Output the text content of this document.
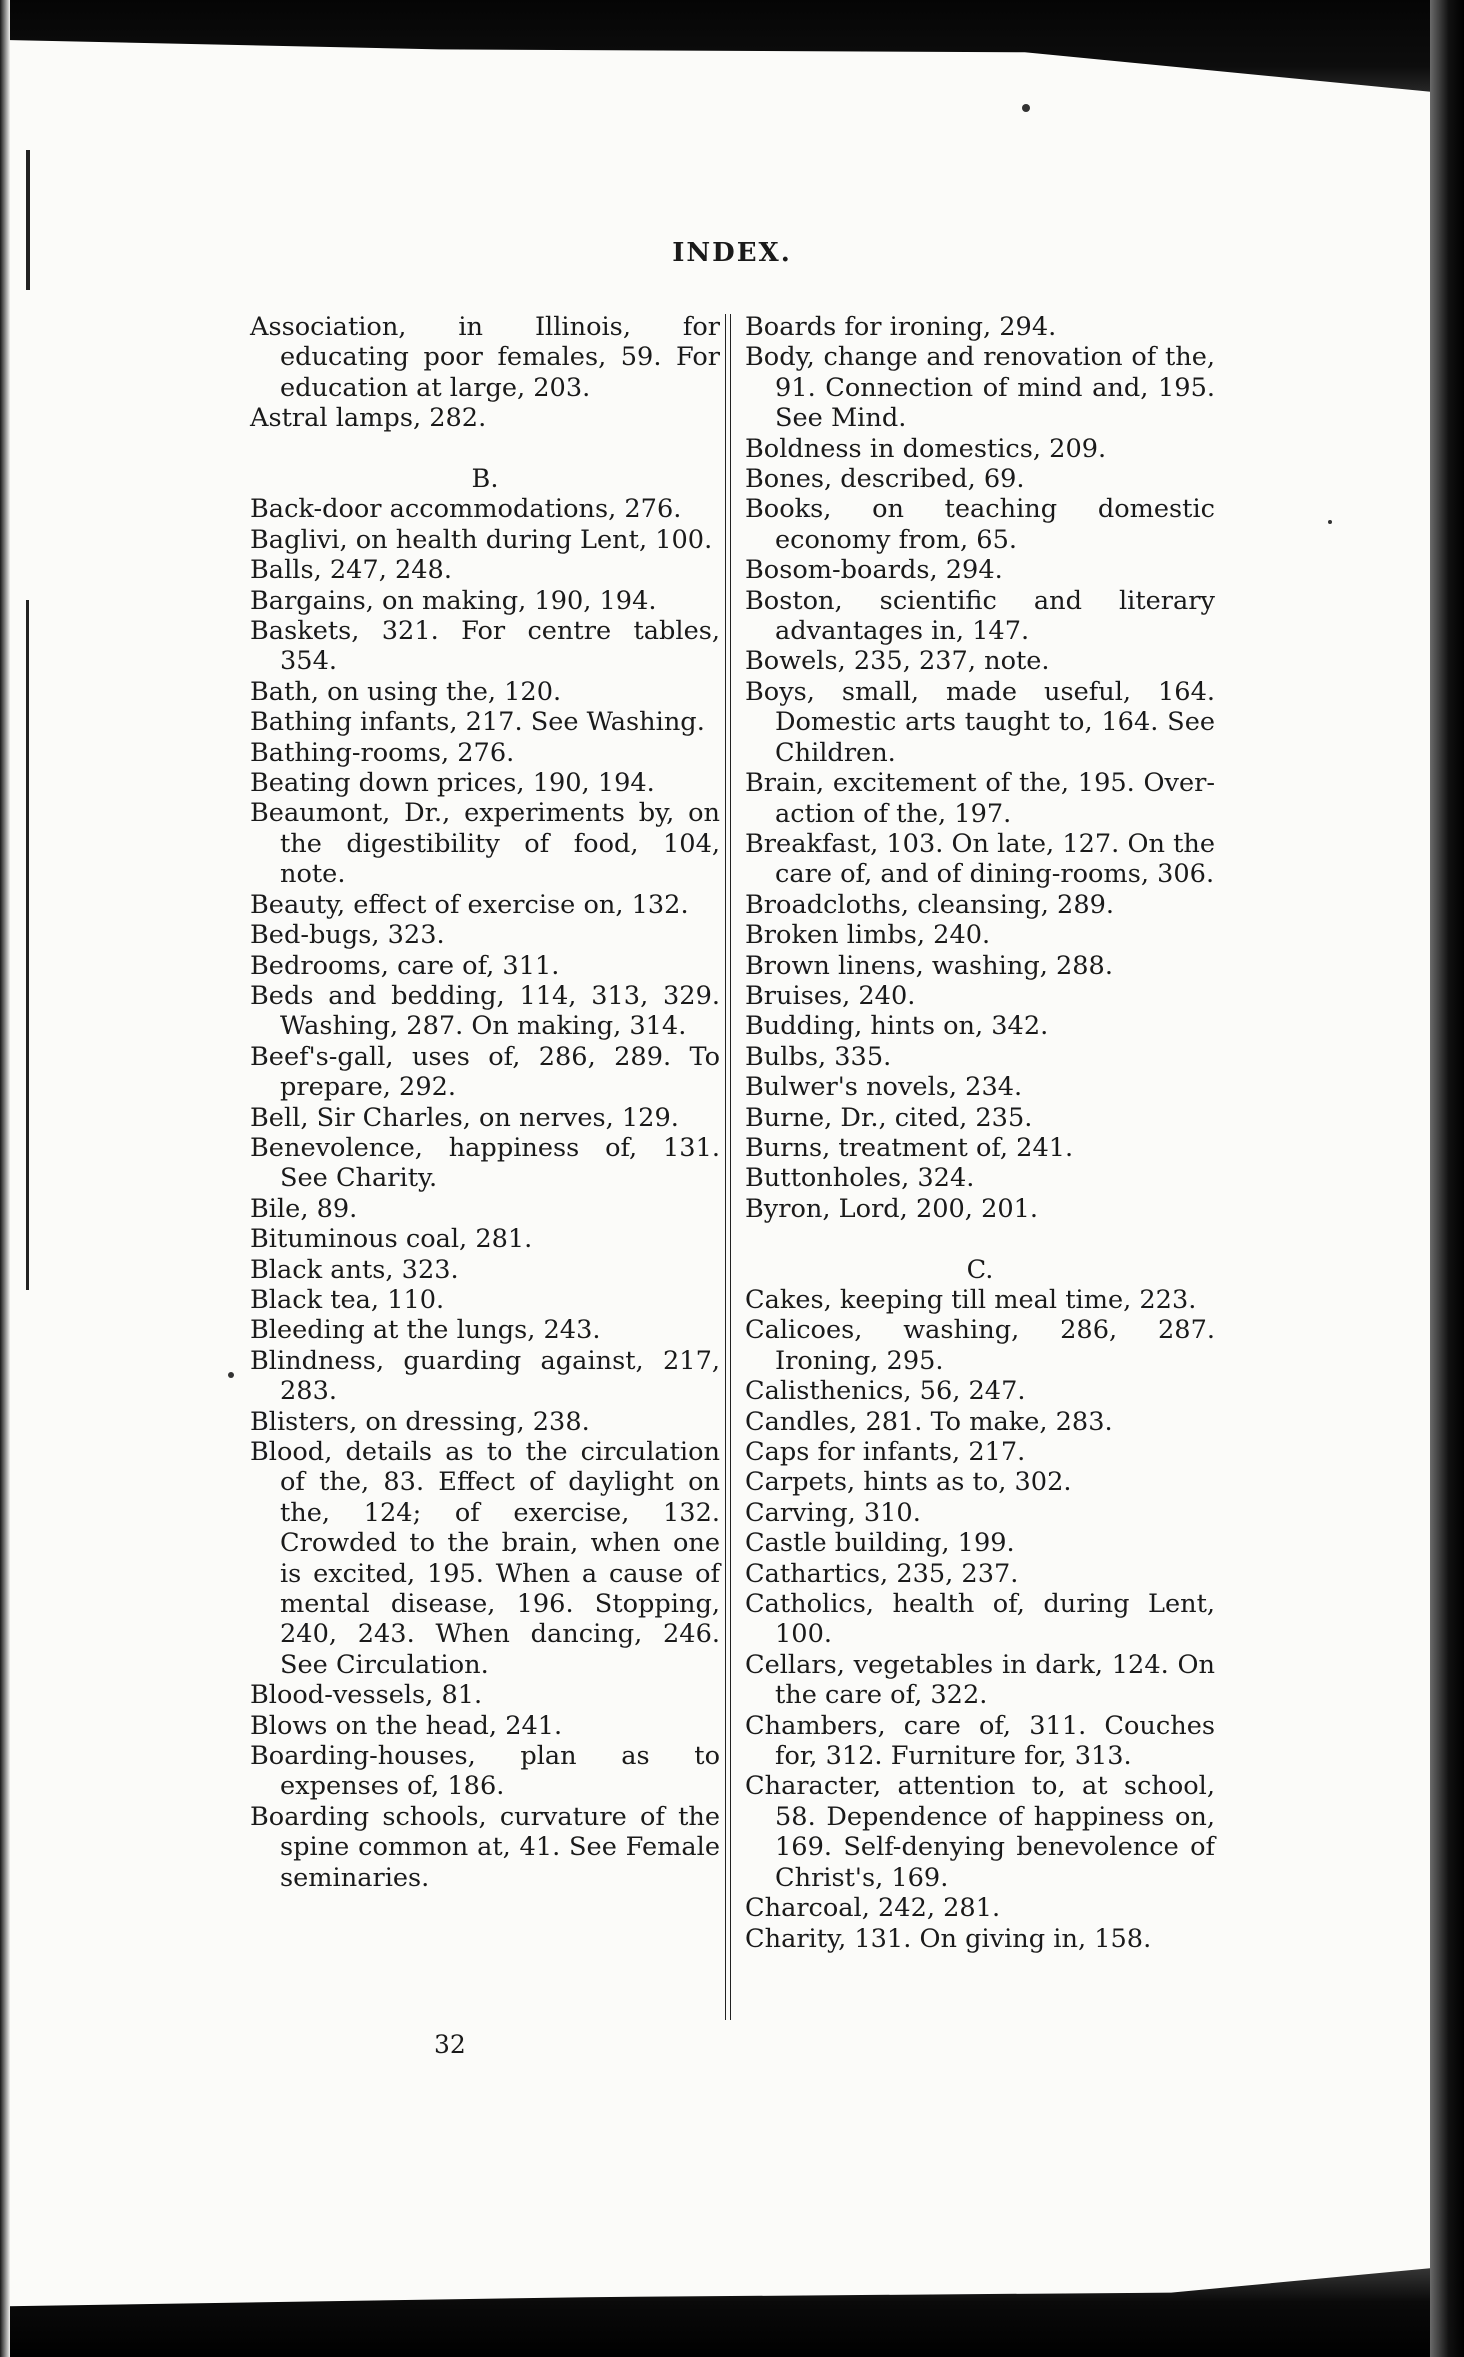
INDEX.

Association, in Illinois, for educating poor females, 59. For education at large, 203.

Astral lamps, 282.

B.

Back-door accommodations, 276.

Baglivi, on health during Lent, 100.

Balls, 247, 248.

Bargains, on making, 190, 194.

Baskets, 321. For centre tables, 354.

Bath, on using the, 120.

Bathing infants, 217. See Washing.

Bathing-rooms, 276.

Beating down prices, 190, 194.

Beaumont, Dr., experiments by, on the digestibility of food, 104, note.

Beauty, effect of exercise on, 132.

Bed-bugs, 323.

Bedrooms, care of, 311.

Beds and bedding, 114, 313, 329. Washing, 287. On making, 314.

Beef's-gall, uses of, 286, 289. To prepare, 292.

Bell, Sir Charles, on nerves, 129.

Benevolence, happiness of, 131. See Charity.

Bile, 89.

Bituminous coal, 281.

Black ants, 323.

Black tea, 110.

Bleeding at the lungs, 243.

Blindness, guarding against, 217, 283.

Blisters, on dressing, 238.

Blood, details as to the circulation of the, 83. Effect of daylight on the, 124; of exercise, 132. Crowded to the brain, when one is excited, 195. When a cause of mental disease, 196. Stopping, 240, 243. When dancing, 246. See Circulation.

Blood-vessels, 81.

Blows on the head, 241.

Boarding-houses, plan as to expenses of, 186.

Boarding schools, curvature of the spine common at, 41. See Female seminaries.

Boards for ironing, 294.

Body, change and renovation of the, 91. Connection of mind and, 195. See Mind.

Boldness in domestics, 209.

Bones, described, 69.

Books, on teaching domestic economy from, 65.

Bosom-boards, 294.

Boston, scientific and literary advantages in, 147.

Bowels, 235, 237, note.

Boys, small, made useful, 164. Domestic arts taught to, 164. See Children.

Brain, excitement of the, 195. Over-action of the, 197.

Breakfast, 103. On late, 127. On the care of, and of dining-rooms, 306.

Broadcloths, cleansing, 289.

Broken limbs, 240.

Brown linens, washing, 288.

Bruises, 240.

Budding, hints on, 342.

Bulbs, 335.

Bulwer's novels, 234.

Burne, Dr., cited, 235.

Burns, treatment of, 241.

Buttonholes, 324.

Byron, Lord, 200, 201.

C.

Cakes, keeping till meal time, 223.

Calicoes, washing, 286, 287. Ironing, 295.

Calisthenics, 56, 247.

Candles, 281. To make, 283.

Caps for infants, 217.

Carpets, hints as to, 302.

Carving, 310.

Castle building, 199.

Cathartics, 235, 237.

Catholics, health of, during Lent, 100.

Cellars, vegetables in dark, 124. On the care of, 322.

Chambers, care of, 311. Couches for, 312. Furniture for, 313.

Character, attention to, at school, 58. Dependence of happiness on, 169. Self-denying benevolence of Christ's, 169.

Charcoal, 242, 281.

Charity, 131. On giving in, 158.

32
